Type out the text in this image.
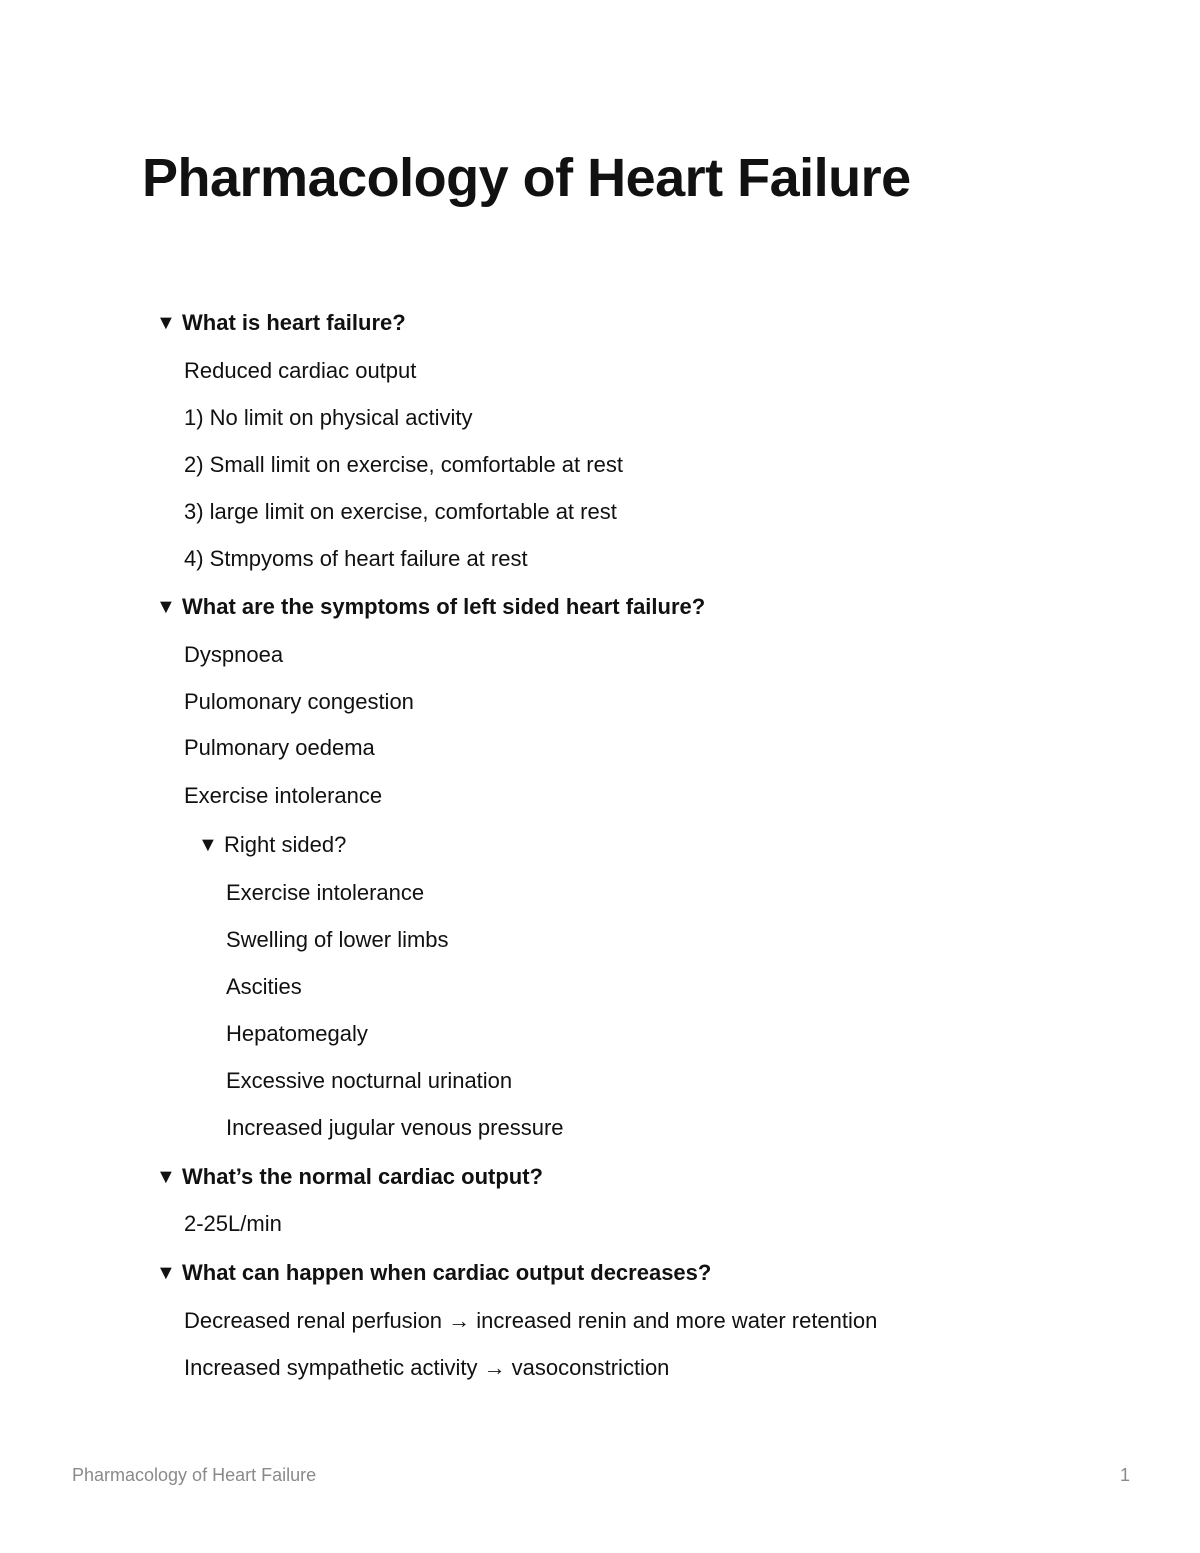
Pharmacology of Heart Failure
▼ What is heart failure?
Reduced cardiac output
1) No limit on physical activity
2) Small limit on exercise, comfortable at rest
3) large limit on exercise, comfortable at rest
4) Stmpyoms of heart failure at rest
▼ What are the symptoms of left sided heart failure?
Dyspnoea
Pulomonary congestion
Pulmonary oedema
Exercise intolerance
▼ Right sided?
Exercise intolerance
Swelling of lower limbs
Ascities
Hepatomegaly
Excessive nocturnal urination
Increased jugular venous pressure
▼ What’s the normal cardiac output?
2-25L/min
▼ What can happen when cardiac output decreases?
Decreased renal perfusion → increased renin and more water retention
Increased sympathetic activity → vasoconstriction
Pharmacology of Heart Failure	1
